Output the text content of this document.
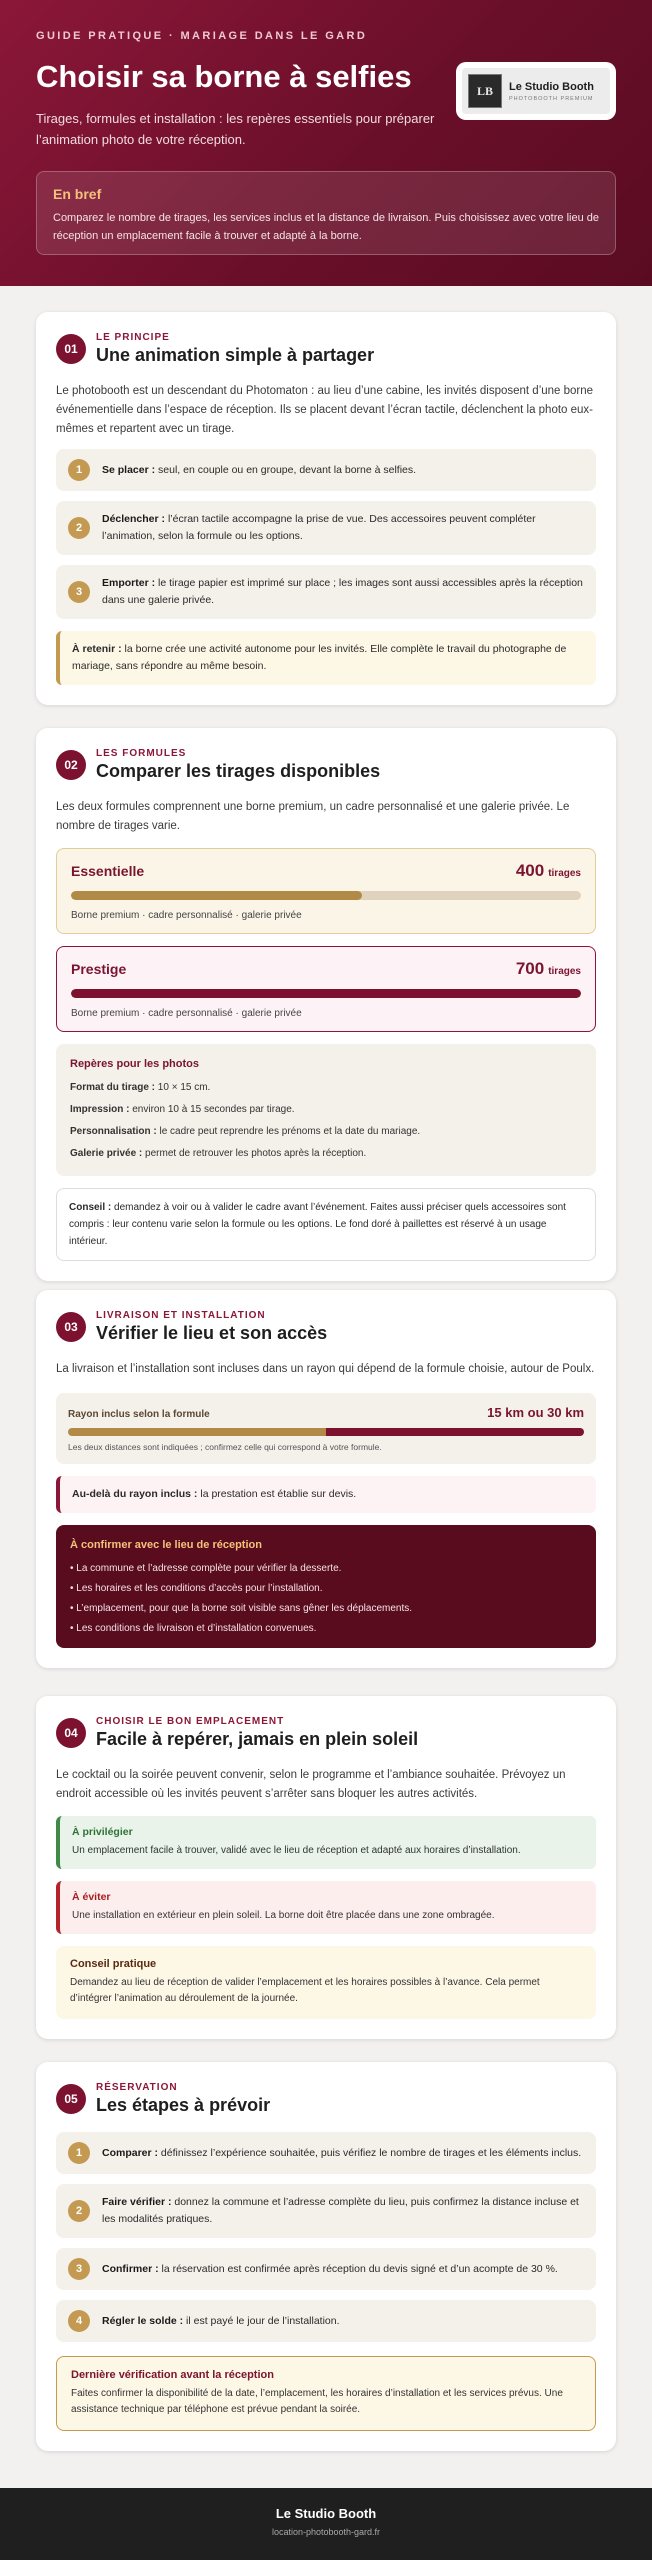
GUIDE PRATIQUE · MARIAGE DANS LE GARD
Choisir sa borne à selfies

Tirages, formules et installation : les repères essentiels pour préparer l’animation photo de votre réception.

LB	Le Studio Booth
PHOTOBOOTH PREMIUM
En bref
Comparez le nombre de tirages, les services inclus et la distance de livraison. Puis choisissez avec votre lieu de réception un emplacement facile à trouver et adapté à la borne.
01
LE PRINCIPE
Une animation simple à partager

Le photobooth est un descendant du Photomaton : au lieu d’une cabine, les invités disposent d’une borne événementielle dans l’espace de réception. Ils se placent devant l’écran tactile, déclenchent la photo eux-mêmes et repartent avec un tirage.

1	Se placer : seul, en couple ou en groupe, devant la borne à selfies.
2
Déclencher : l’écran tactile accompagne la prise de vue. Des accessoires peuvent compléter l’animation, selon la formule ou les options.
3
Emporter : le tirage papier est imprimé sur place ; les images sont aussi accessibles après la réception dans une galerie privée.
À retenir : la borne crée une activité autonome pour les invités. Elle complète le travail du photographe de mariage, sans répondre au même besoin.
02
LES FORMULES
Comparer les tirages disponibles

Les deux formules comprennent une borne premium, un cadre personnalisé et une galerie privée. Le nombre de tirages varie.

Essentielle	400 tirages
Borne premium · cadre personnalisé · galerie privée
Prestige	700 tirages
Borne premium · cadre personnalisé · galerie privée
Repères pour les photos
Format du tirage : 10 × 15 cm.
Impression : environ 10 à 15 secondes par tirage.
Personnalisation : le cadre peut reprendre les prénoms et la date du mariage.
Galerie privée : permet de retrouver les photos après la réception.
Conseil : demandez à voir ou à valider le cadre avant l’événement. Faites aussi préciser quels accessoires sont compris : leur contenu varie selon la formule ou les options. Le fond doré à paillettes est réservé à un usage intérieur.
03
LIVRAISON ET INSTALLATION
Vérifier le lieu et son accès

La livraison et l’installation sont incluses dans un rayon qui dépend de la formule choisie, autour de Poulx.

Rayon inclus selon la formule	15 km ou 30 km
Les deux distances sont indiquées ; confirmez celle qui correspond à votre formule.
Au-delà du rayon inclus : la prestation est établie sur devis.
À confirmer avec le lieu de réception
• La commune et l’adresse complète pour vérifier la desserte.
• Les horaires et les conditions d’accès pour l’installation.
• L’emplacement, pour que la borne soit visible sans gêner les déplacements.
• Les conditions de livraison et d’installation convenues.
04
CHOISIR LE BON EMPLACEMENT
Facile à repérer, jamais en plein soleil

Le cocktail ou la soirée peuvent convenir, selon le programme et l’ambiance souhaitée. Prévoyez un endroit accessible où les invités peuvent s’arrêter sans bloquer les autres activités.

À privilégier
Un emplacement facile à trouver, validé avec le lieu de réception et adapté aux horaires d’installation.
À éviter
Une installation en extérieur en plein soleil. La borne doit être placée dans une zone ombragée.
Conseil pratique
Demandez au lieu de réception de valider l’emplacement et les horaires possibles à l’avance. Cela permet d’intégrer l’animation au déroulement de la journée.
05
RÉSERVATION
Les étapes à prévoir
1	Comparer : définissez l’expérience souhaitée, puis vérifiez le nombre de tirages et les éléments inclus.
2
Faire vérifier : donnez la commune et l’adresse complète du lieu, puis confirmez la distance incluse et les modalités pratiques.
3	Confirmer : la réservation est confirmée après réception du devis signé et d’un acompte de 30 %.
4	Régler le solde : il est payé le jour de l’installation.
Dernière vérification avant la réception
Faites confirmer la disponibilité de la date, l’emplacement, les horaires d’installation et les services prévus. Une assistance technique par téléphone est prévue pendant la soirée.
Le Studio Booth
location-photobooth-gard.fr
